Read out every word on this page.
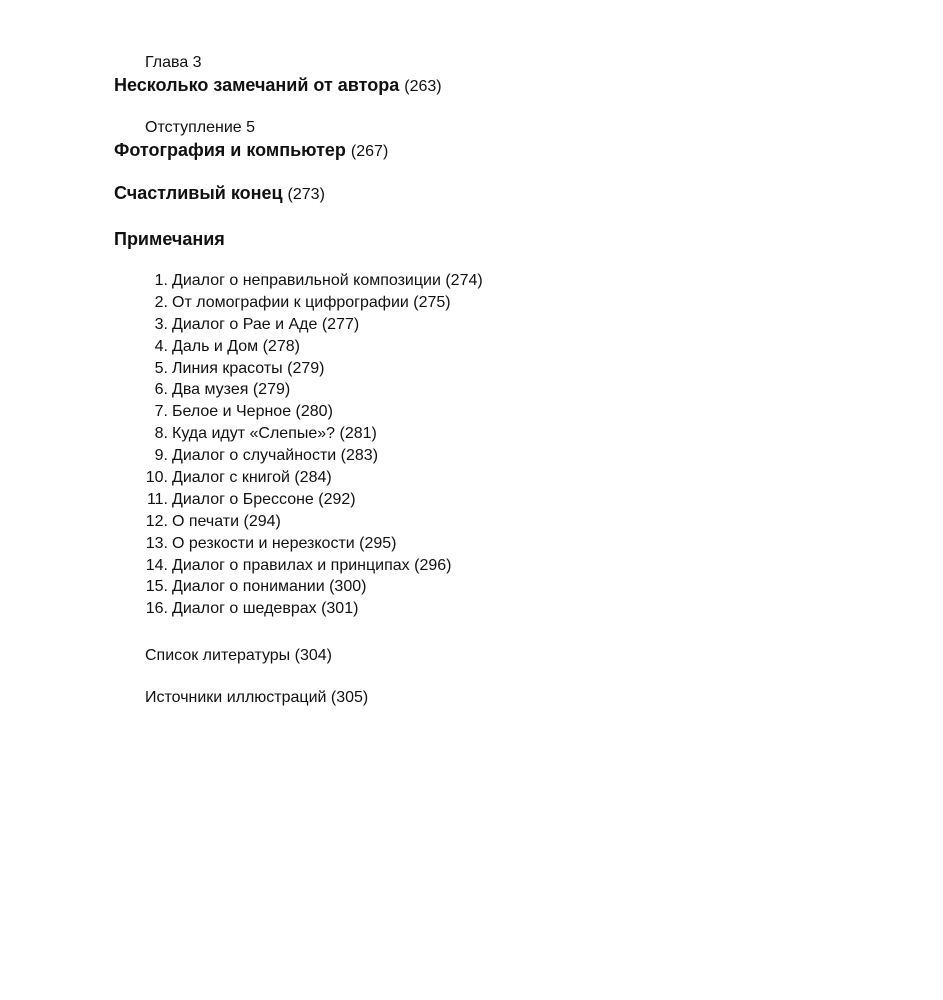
Глава 3
Несколько замечаний от автора (263)
Отступление 5
Фотография и компьютер (267)
Счастливый конец (273)
Примечания
1. Диалог о неправильной композиции (274)
2. От ломографии к цифрографии (275)
3. Диалог о Рае и Аде (277)
4. Даль и Дом (278)
5. Линия красоты (279)
6. Два музея (279)
7. Белое и Черное (280)
8. Куда идут «Слепые»? (281)
9. Диалог о случайности (283)
10. Диалог с книгой (284)
11. Диалог о Брессоне (292)
12. О печати (294)
13. О резкости и нерезкости (295)
14. Диалог о правилах и принципах (296)
15. Диалог о понимании (300)
16. Диалог о шедеврах (301)
Список литературы (304)
Источники иллюстраций (305)
